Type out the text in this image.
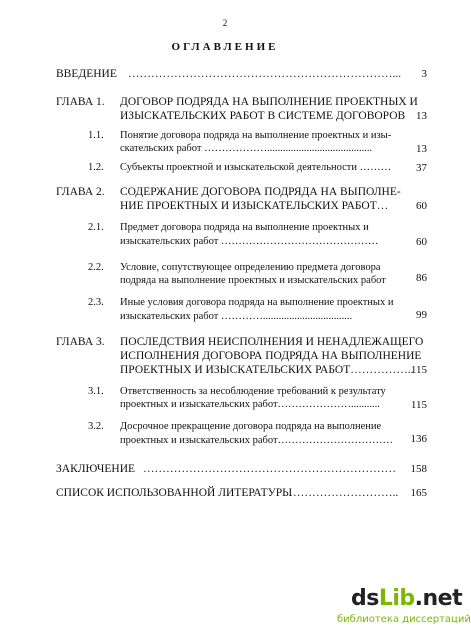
2
ОГЛАВЛЕНИЕ
ВВЕДЕНИЕ ……………………………………………………………...	3
ГЛАВА 1. ДОГОВОР ПОДРЯДА НА ВЫПОЛНЕНИЕ ПРОЕКТНЫХ И
ИЗЫСКАТЕЛЬСКИХ РАБОТ В СИСТЕМЕ ДОГОВОРОВ 13
1.1. Понятие договора подряда на выполнение проектных и изы-
скательских работ ………………........................................	13
1.2. Субъекты проектной и изыскательской деятельности ………	37
ГЛАВА 2. СОДЕРЖАНИЕ ДОГОВОРА ПОДРЯДА НА ВЫПОЛНЕ-
НИЕ ПРОЕКТНЫХ И ИЗЫСКАТЕЛЬСКИХ РАБОТ…	60
2.1. Предмет договора подряда на выполнение проектных и
изыскательских работ ………………………………………	60
2.2. Условие, сопутствующее определению предмета договора
подряда на выполнение проектных и изыскательских работ	86
2.3. Иные условия договора подряда на выполнение проектных и
изыскательских работ …………..................................	99
ГЛАВА 3. ПОСЛЕДСТВИЯ НЕИСПОЛНЕНИЯ И НЕНАДЛЕЖАЩЕГО
ИСПОЛНЕНИЯ ДОГОВОРА ПОДРЯДА НА ВЫПОЛНЕНИЕ
ПРОЕКТНЫХ И ИЗЫСКАТЕЛЬСКИХ РАБОТ……………..
115
3.1. Ответственность за несоблюдение требований к результату
проектных и изыскательских работ…………………...........	115
3.2. Досрочное прекращение договора подряда на выполнение
проектных и изыскательских работ……………………………	136
ЗАКЛЮЧЕНИЕ …………………………………………………………	158
СПИСОК ИСПОЛЬЗОВАННОЙ ЛИТЕРАТУРЫ
………………………..	165
dsLib.net
библиотека диссертаций
